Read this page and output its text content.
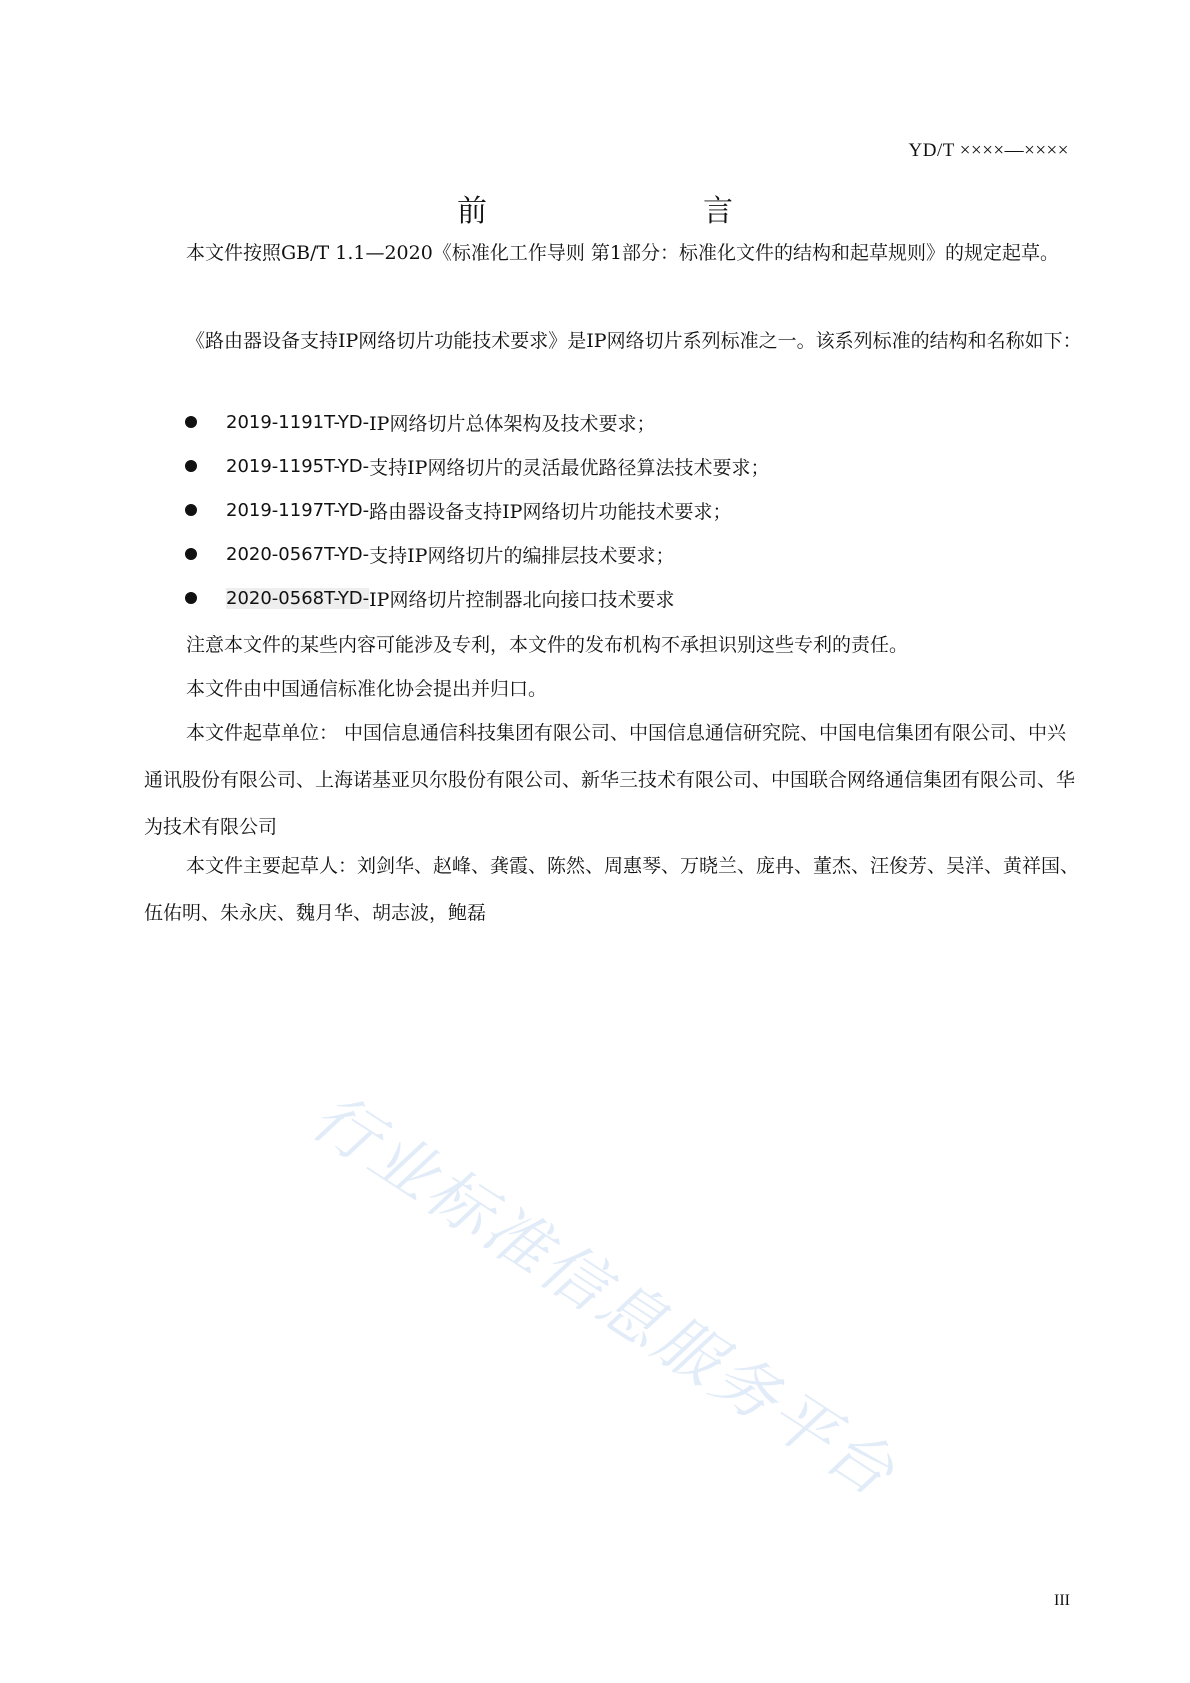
YD/T ××××—××××
前　　言

本文件按照GB/T 1.1—2020《标准化工作导则 第1部分：标准化文件的结构和起草规则》的规定起草。

《路由器设备支持IP网络切片功能技术要求》是IP网络切片系列标准之一。该系列标准的结构和名称如下：

2019-1191T-YD- IP网络切片总体架构及技术要求；
2019-1195T-YD- 支持IP网络切片的灵活最优路径算法技术要求；
2019-1197T-YD- 路由器设备支持IP网络切片功能技术要求；
2020-0567T-YD- 支持IP网络切片的编排层技术要求；
2020-0568T-YD- IP网络切片控制器北向接口技术要求

注意本文件的某些内容可能涉及专利，本文件的发布机构不承担识别这些专利的责任。

本文件由中国通信标准化协会提出并归口。

本文件起草单位： 中国信息通信科技集团有限公司、中国信息通信研究院、中国电信集团有限公司、中兴通讯股份有限公司、上海诺基亚贝尔股份有限公司、新华三技术有限公司、中国联合网络通信集团有限公司、华为技术有限公司

本文件主要起草人：刘剑华、赵峰、龚霞、陈然、周惠琴、万晓兰、庞冉、董杰、汪俊芳、吴洋、黄祥国、伍佑明、朱永庆、魏月华、胡志波，鲍磊

行业标准信息服务平台
III
